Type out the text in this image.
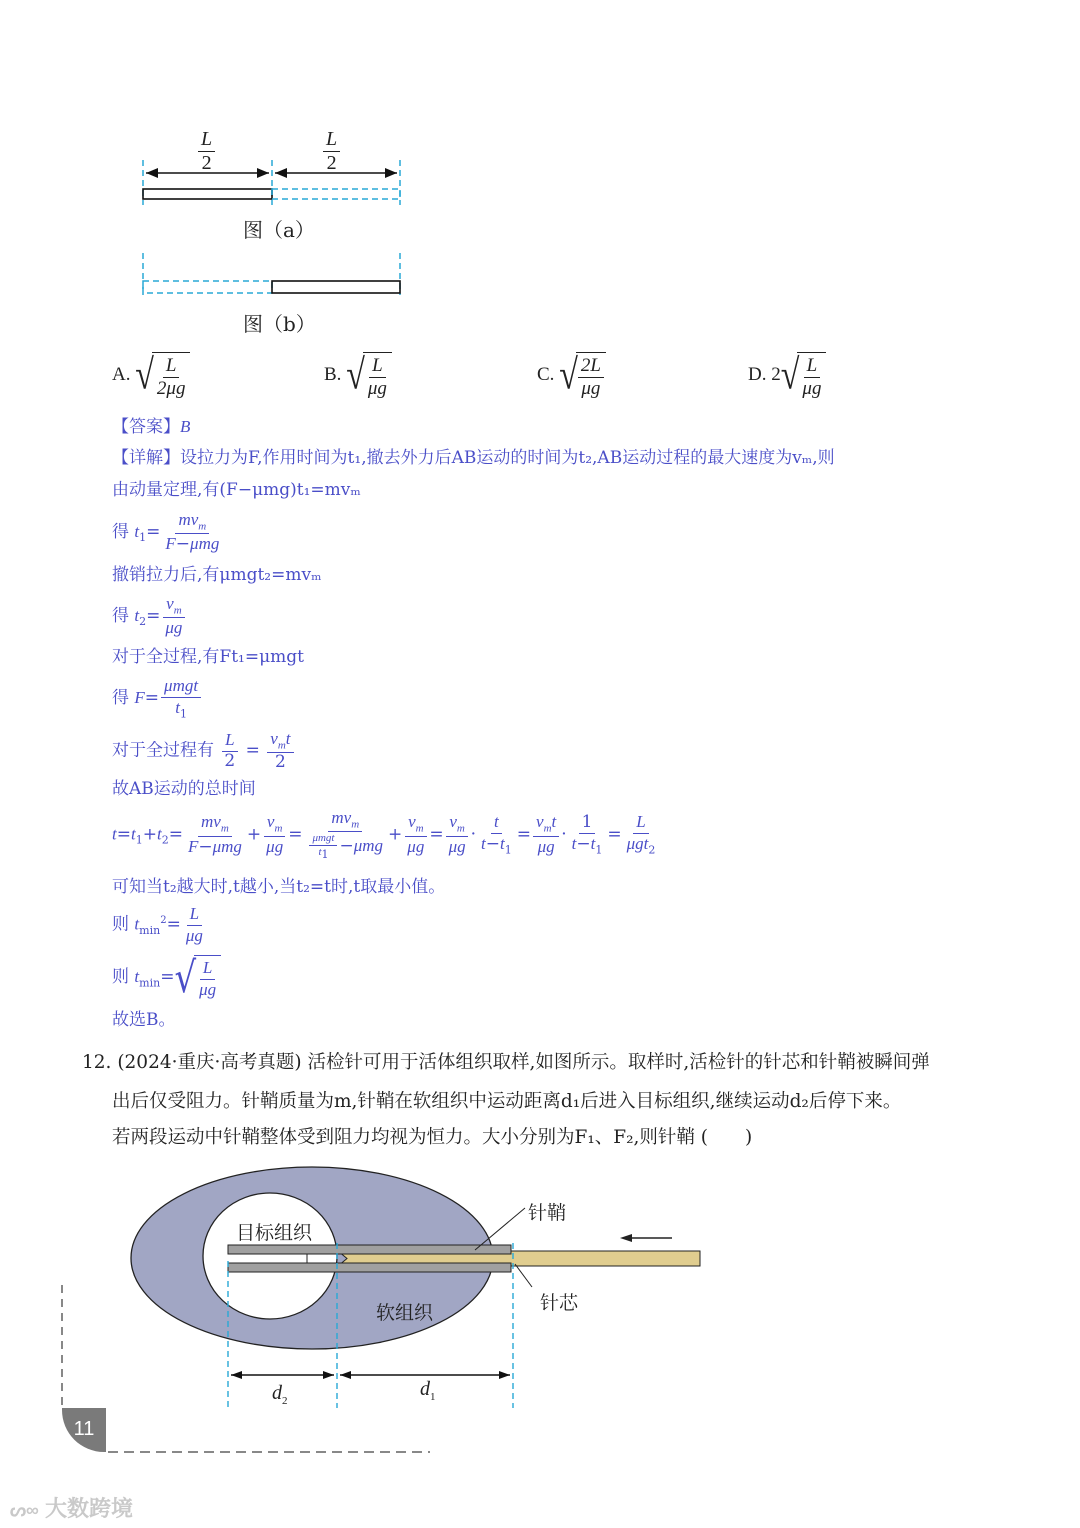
$\frac{L}{2}$	$\frac{L}{2}$
图（a）
图（b）
A. √ $\frac{L}{2\mu g}$	B. √ $\frac{L}{\mu g}$	C. √ $\frac{2L}{\mu g}$	D. 2 √ $\frac{L}{\mu g}$
【答案】B
【详解】设拉力为F,作用时间为t₁,撤去外力后AB运动的时间为t₂,AB运动过程的最大速度为vₘ,则
由动量定理,有(F−μmg)t₁=mvₘ
得 $t_1= \frac{mv_m}{\text{F−μmg}}$
撤销拉力后,有μmgt₂=mvₘ
得 $t_2= \frac{v_m}{\mu g}$
对于全过程,有Ft₁=μmgt
得 $F= \frac{\text{μmgt}}{t_1}$
对于全过程有 $\frac{L}{2} = \frac{v_mt}{2}$
故AB运动的总时间
$t=t_1+t_2= \frac{mv_m}{\text{F−μmg}} + \frac{v_m}{\mu g} = \frac{mv_m}{\frac{\text{μmgt}}{t_1} -\mu mg} + \frac{v_m}{\mu g} = \frac{v_m}{\mu g} \cdot \frac{t}{t-t_1} = \frac{v_mt}{\mu g} \cdot \frac{1}{t-t_1} = \frac{L}{\mu gt_2}$
可知当t₂越大时,t越小,当t₂=t时,t取最小值。
则 $t_{min}^2= \frac{L}{\mu g}$
则 $t_{min}=$ √ $\frac{L}{\mu g}$
故选B。
12. (2024·重庆·高考真题) 活检针可用于活体组织取样,如图所示。取样时,活检针的针芯和针鞘被瞬间弹
出后仅受阻力。针鞘质量为m,针鞘在软组织中运动距离d₁后进入目标组织,继续运动d₂后停下来。
若两段运动中针鞘整体受到阻力均视为恒力。大小分别为F₁、F₂,则针鞘 (　　)
目标组织
软组织
针鞘
针芯
$d_2$
$d_1$
11
ᔕ∞ 大数跨境
